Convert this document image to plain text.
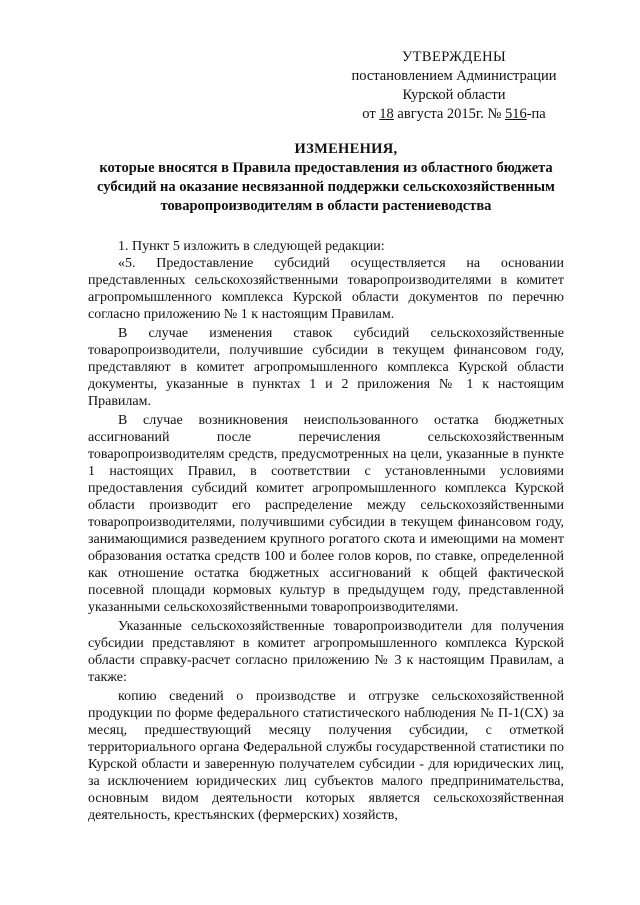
УТВЕРЖДЕНЫ
постановлением Администрации
Курской области
от 18 августа 2015г. № 516-па
ИЗМЕНЕНИЯ,
которые вносятся в Правила предоставления из областного бюджета
субсидий на оказание несвязанной поддержки сельскохозяйственным
товаропроизводителям в области растениеводства

1. Пункт 5 изложить в следующей редакции:

«5. Предоставление субсидий осуществляется на основании представленных сельскохозяйственными товаропроизводителями в комитет агропромышленного комплекса Курской области документов по перечню согласно приложению № 1 к настоящим Правилам.

В случае изменения ставок субсидий сельскохозяйственные товаропроизводители, получившие субсидии в текущем финансовом году, представляют в комитет агропромышленного комплекса Курской области документы, указанные в пунктах 1 и 2 приложения № 1 к настоящим Правилам.

В случае возникновения неиспользованного остатка бюджетных ассигнований после перечисления сельскохозяйственным товаропроизводителям средств, предусмотренных на цели, указанные в пункте 1 настоящих Правил, в соответствии с установленными условиями предоставления субсидий комитет агропромышленного комплекса Курской области производит его распределение между сельскохозяйственными товаропроизводителями, получившими субсидии в текущем финансовом году, занимающимися разведением крупного рогатого скота и имеющими на момент образования остатка средств 100 и более голов коров, по ставке, определенной как отношение остатка бюджетных ассигнований к общей фактической посевной площади кормовых культур в предыдущем году, представленной указанными сельскохозяйственными товаропроизводителями.

Указанные сельскохозяйственные товаропроизводители для получения субсидии представляют в комитет агропромышленного комплекса Курской области справку-расчет согласно приложению № 3 к настоящим Правилам, а также:

копию сведений о производстве и отгрузке сельскохозяйственной продукции по форме федерального статистического наблюдения № П-1(СХ) за месяц, предшествующий месяцу получения субсидии, с отметкой территориального органа Федеральной службы государственной статистики по Курской области и заверенную получателем субсидии - для юридических лиц, за исключением юридических лиц субъектов малого предпринимательства, основным видом деятельности которых является сельскохозяйственная деятельность, крестьянских (фермерских) хозяйств,
